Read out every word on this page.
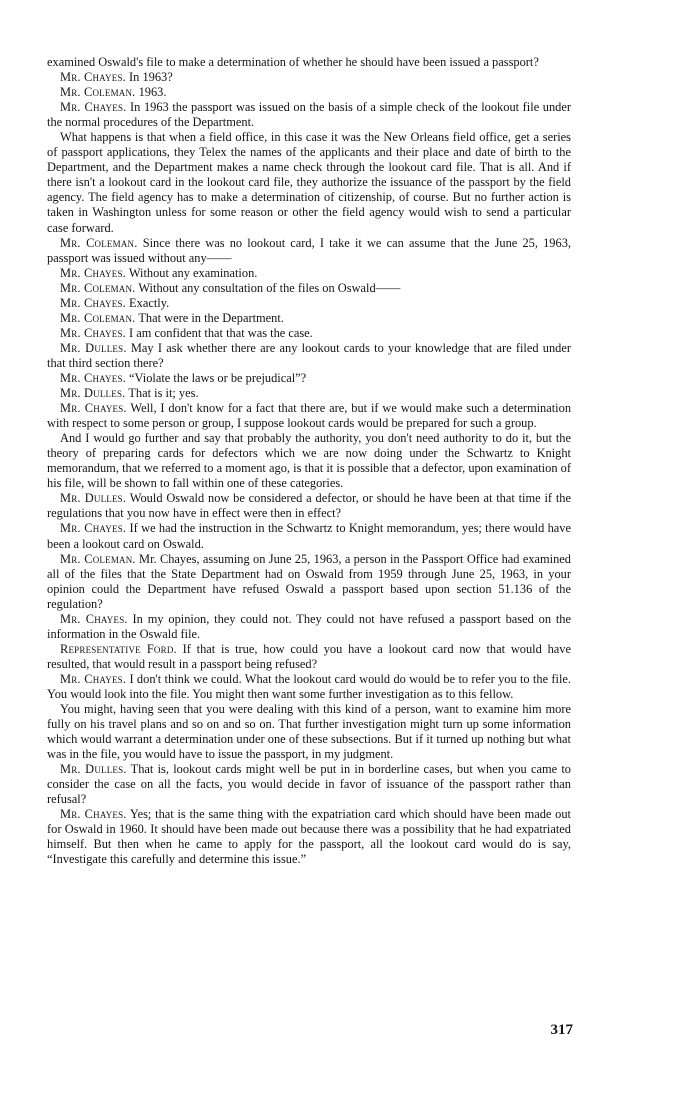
examined Oswald's file to make a determination of whether he should have been issued a passport?

Mr. Chayes. In 1963?

Mr. Coleman. 1963.

Mr. Chayes. In 1963 the passport was issued on the basis of a simple check of the lookout file under the normal procedures of the Department.

What happens is that when a field office, in this case it was the New Orleans field office, get a series of passport applications, they Telex the names of the applicants and their place and date of birth to the Department, and the Department makes a name check through the lookout card file. That is all. And if there isn't a lookout card in the lookout card file, they authorize the issuance of the passport by the field agency. The field agency has to make a determination of citizenship, of course. But no further action is taken in Washington unless for some reason or other the field agency would wish to send a particular case forward.

Mr. Coleman. Since there was no lookout card, I take it we can assume that the June 25, 1963, passport was issued without any——

Mr. Chayes. Without any examination.

Mr. Coleman. Without any consultation of the files on Oswald——

Mr. Chayes. Exactly.

Mr. Coleman. That were in the Department.

Mr. Chayes. I am confident that that was the case.

Mr. Dulles. May I ask whether there are any lookout cards to your knowledge that are filed under that third section there?

Mr. Chayes. “Violate the laws or be prejudical”?

Mr. Dulles. That is it; yes.

Mr. Chayes. Well, I don't know for a fact that there are, but if we would make such a determination with respect to some person or group, I suppose lookout cards would be prepared for such a group.

And I would go further and say that probably the authority, you don't need authority to do it, but the theory of preparing cards for defectors which we are now doing under the Schwartz to Knight memorandum, that we referred to a moment ago, is that it is possible that a defector, upon examination of his file, will be shown to fall within one of these categories.

Mr. Dulles. Would Oswald now be considered a defector, or should he have been at that time if the regulations that you now have in effect were then in effect?

Mr. Chayes. If we had the instruction in the Schwartz to Knight memorandum, yes; there would have been a lookout card on Oswald.

Mr. Coleman. Mr. Chayes, assuming on June 25, 1963, a person in the Passport Office had examined all of the files that the State Department had on Oswald from 1959 through June 25, 1963, in your opinion could the Department have refused Oswald a passport based upon section 51.136 of the regulation?

Mr. Chayes. In my opinion, they could not. They could not have refused a passport based on the information in the Oswald file.

Representative Ford. If that is true, how could you have a lookout card now that would have resulted, that would result in a passport being refused?

Mr. Chayes. I don't think we could. What the lookout card would do would be to refer you to the file. You would look into the file. You might then want some further investigation as to this fellow.

You might, having seen that you were dealing with this kind of a person, want to examine him more fully on his travel plans and so on and so on. That further investigation might turn up some information which would warrant a determination under one of these subsections. But if it turned up nothing but what was in the file, you would have to issue the passport, in my judgment.

Mr. Dulles. That is, lookout cards might well be put in in borderline cases, but when you came to consider the case on all the facts, you would decide in favor of issuance of the passport rather than refusal?

Mr. Chayes. Yes; that is the same thing with the expatriation card which should have been made out for Oswald in 1960. It should have been made out because there was a possibility that he had expatriated himself. But then when he came to apply for the passport, all the lookout card would do is say, “Investigate this carefully and determine this issue.”

317
